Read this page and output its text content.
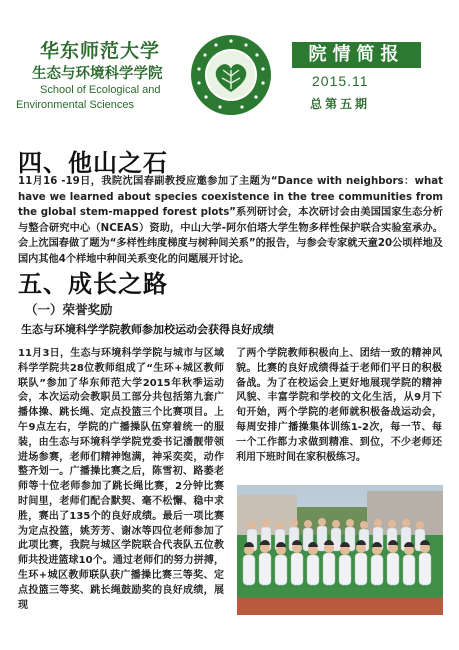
华东师范大学
生态与环境科学学院
School of Ecological and
Environmental Sciences
院情简报
2015.11
总第五期
四、他山之石
11月16 -19日，我院沈国春副教授应邀参加了主题为“Dance with neighbors：what have we learned about species coexistence in the tree communities from the global stem-mapped forest plots”系列研讨会，本次研讨会由美国国家生态分析与整合研究中心（NCEAS）资助，中山大学-阿尔伯塔大学生物多样性保护联合实验室承办。会上沈国春做了题为“多样性纬度梯度与树种间关系”的报告，与参会专家就天童20公顷样地及国内其他4个样地中种间关系变化的问题展开讨论。
五、成长之路
（一）荣誉奖励
生态与环境科学学院教师参加校运动会获得良好成绩
11月3日，生态与环境科学学院与城市与区域科学学院共28位教师组成了“生环+城区教师联队”参加了华东师范大学2015年秋季运动会，本次运动会教职员工部分共包括第九套广播体操、跳长绳、定点投篮三个比赛项目。上午9点左右，学院的广播操队伍穿着统一的服装，由生态与环境科学学院党委书记潘靓带领进场参赛，老师们精神饱满，神采奕奕，动作整齐划一。广播操比赛之后，陈雪初、路萎老师等十位老师参加了跳长绳比赛，2分钟比赛时间里，老师们配合默契、毫不松懈、稳中求胜，赛出了135个的良好成绩。最后一项比赛为定点投篮，姚芳芳、谢冰等四位老师参加了此项比赛，我院与城区学院联合代表队五位教师共投进篮球10个。通过老师们的努力拼搏，生环+城区教师联队获广播操比赛三等奖、定点投篮三等奖、跳长绳鼓励奖的良好成绩，展现
了两个学院教师积极向上、团结一致的精神风貌。比赛的良好成绩得益于老师们平日的积极备战。为了在校运会上更好地展现学院的精神风貌、丰富学院和学校的文化生活，从9月下旬开始，两个学院的老师就积极备战运动会，每周安排广播操集体训练1-2次，每一节、每一个工作都力求做到精准、到位，不少老师还利用下班时间在家积极练习。
